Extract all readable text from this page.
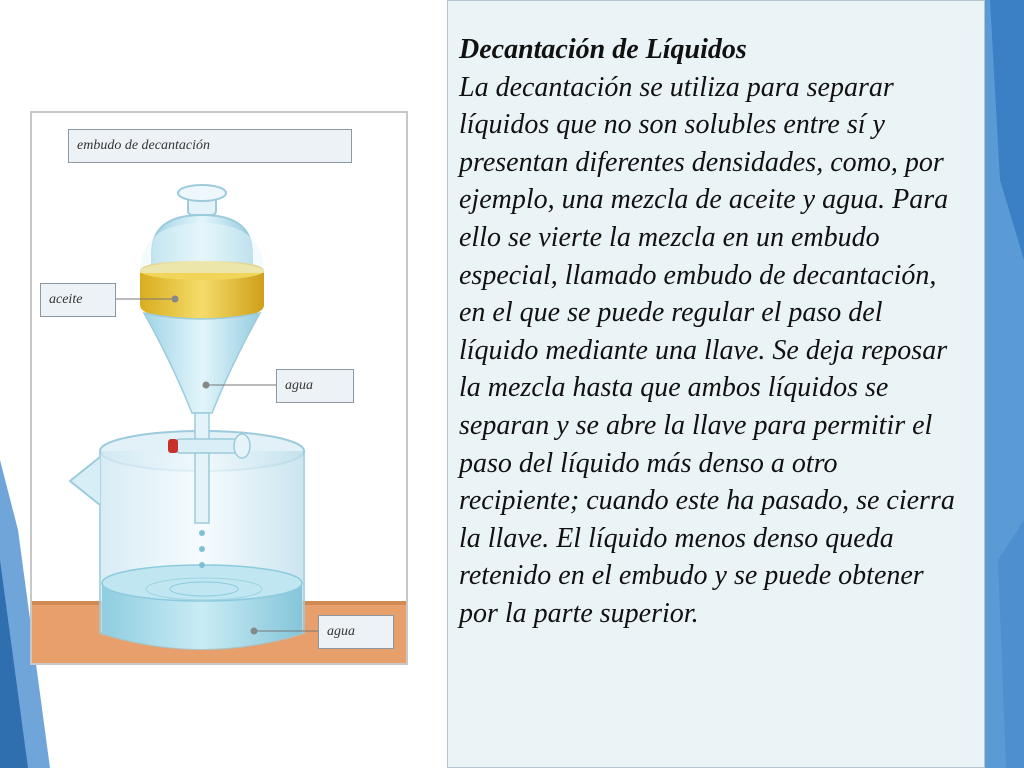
embudo de decantación
aceite
agua
agua
Decantación de Líquidos

La decantación se utiliza para separar líquidos que no son solubles entre sí y presentan diferentes densidades, como, por ejemplo, una mezcla de aceite y agua. Para ello se vierte la mezcla en un embudo especial, llamado embudo de decantación, en el que se puede regular el paso del líquido mediante una llave. Se deja reposar la mezcla hasta que ambos líquidos se separan y se abre la llave para permitir el paso del líquido más denso a otro recipiente; cuando este ha pasado, se cierra la llave. El líquido menos denso queda retenido en el embudo y se puede obtener por la parte superior.
